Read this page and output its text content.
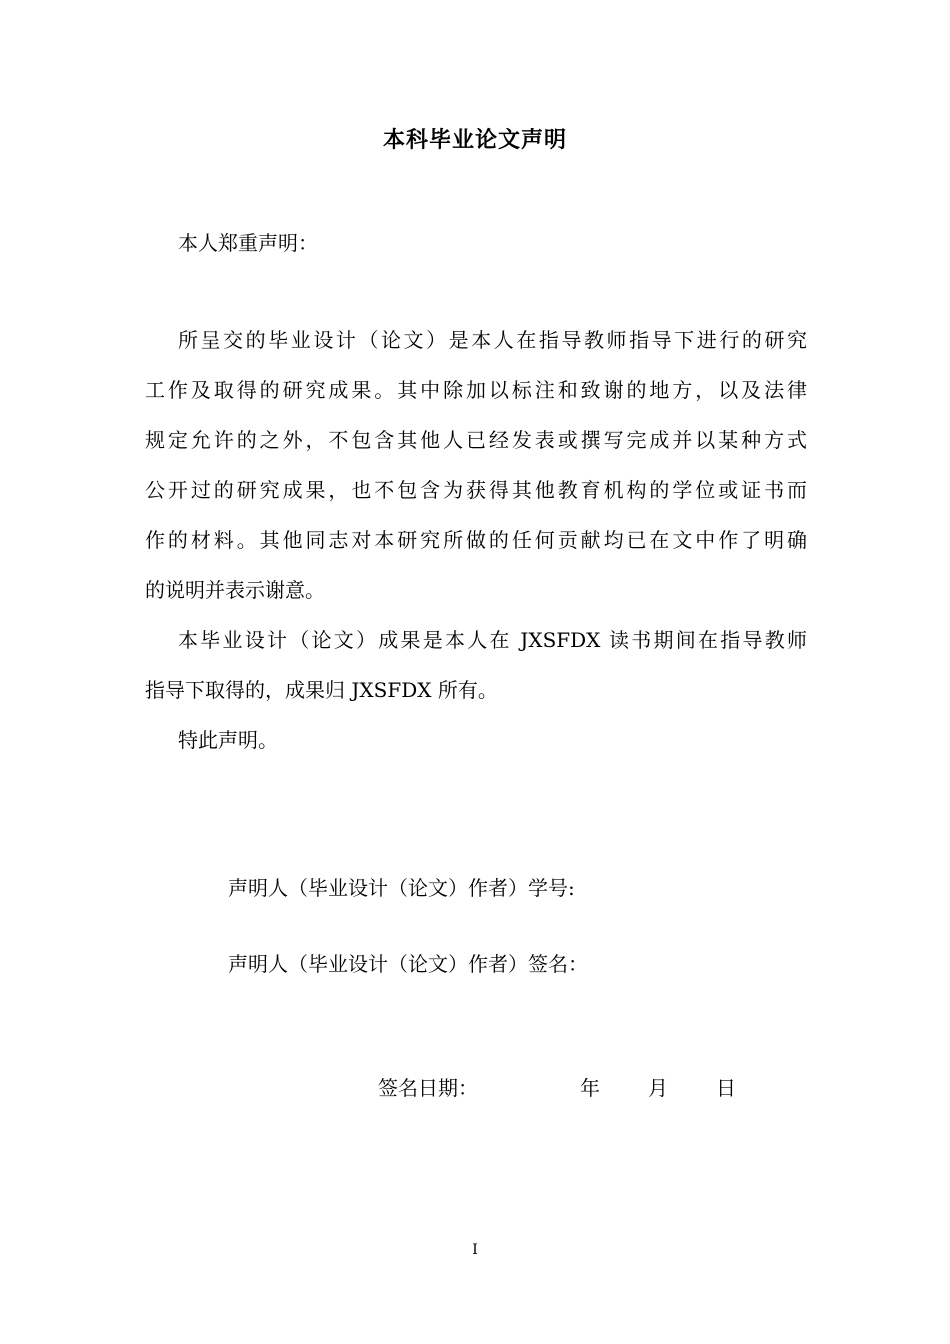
本科毕业论文声明
本人郑重声明：
所呈交的毕业设计（论文）是本人在指导教师指导下进行的研究
工作及取得的研究成果。其中除加以标注和致谢的地方，以及法律
规定允许的之外，不包含其他人已经发表或撰写完成并以某种方式
公开过的研究成果，也不包含为获得其他教育机构的学位或证书而
作的材料。其他同志对本研究所做的任何贡献均已在文中作了明确
的说明并表示谢意。
本毕业设计（论文）成果是本人在 JXSFDX 读书期间在指导教师
指导下取得的，成果归 JXSFDX 所有。
特此声明。
声明人（毕业设计（论文）作者）学号:
声明人（毕业设计（论文）作者）签名：
签名日期：	年 月 日
I
